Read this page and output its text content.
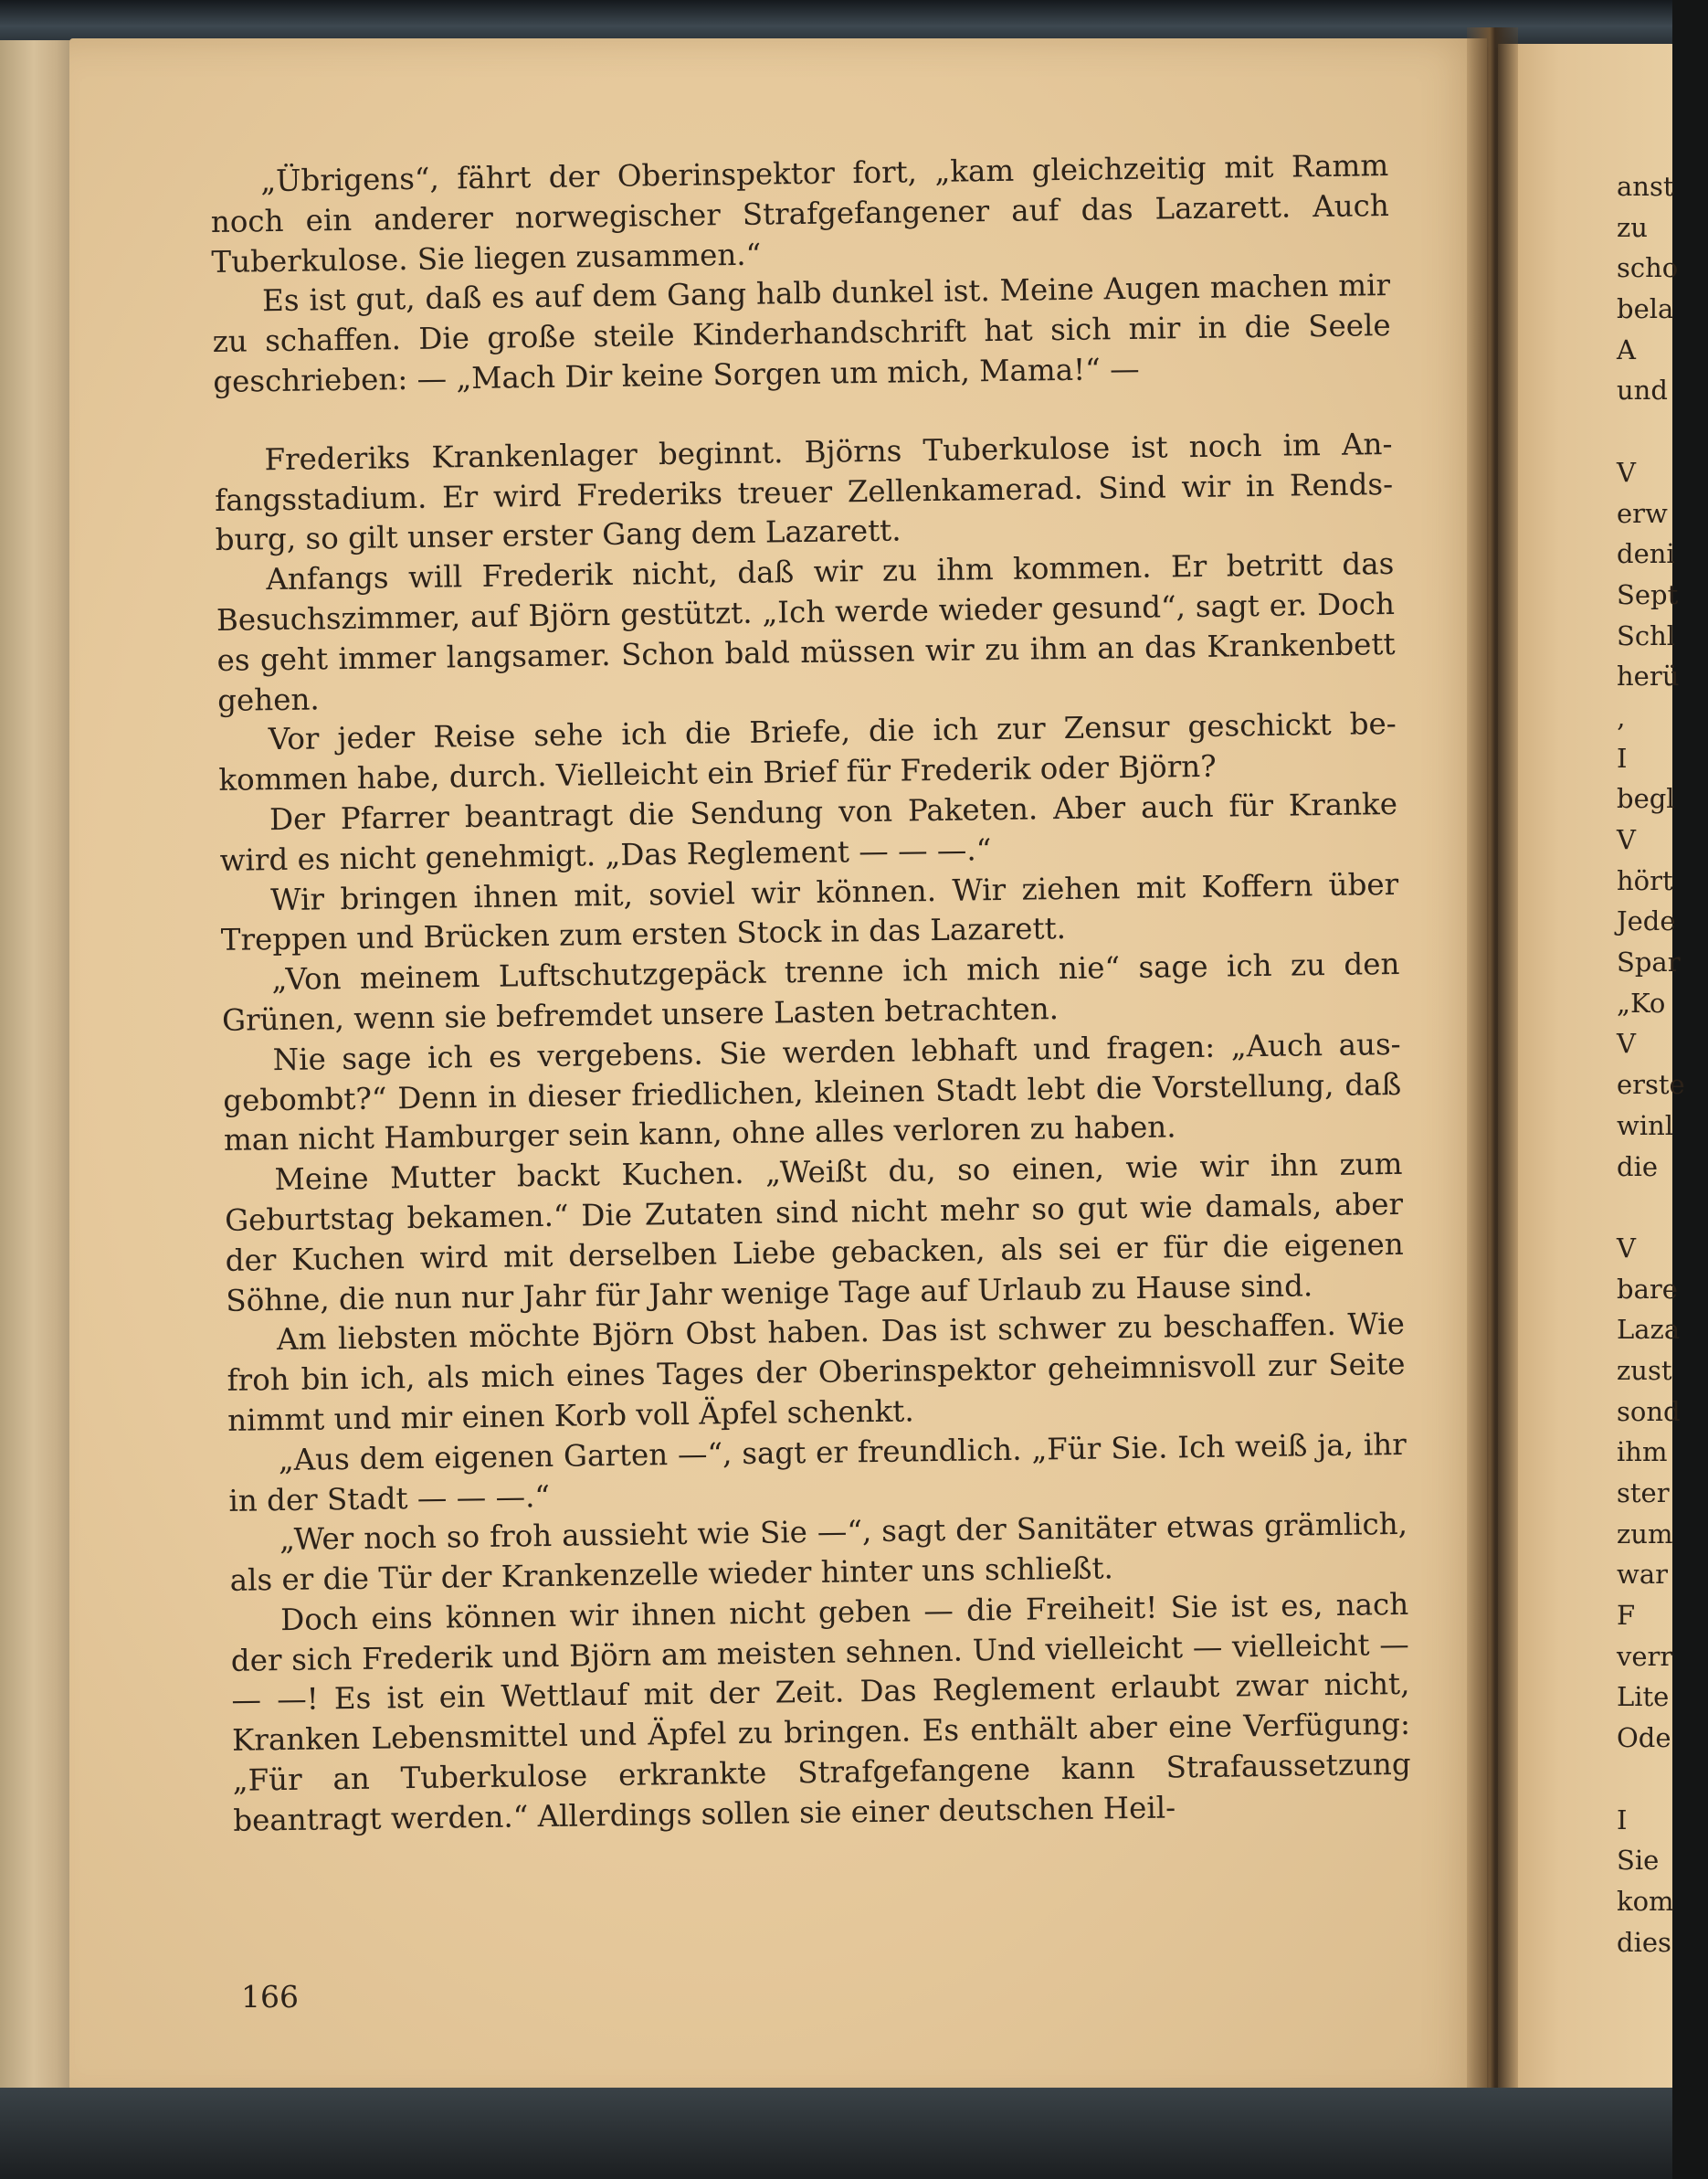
„Übrigens“, fährt der Oberinspektor fort, „kam gleichzeitig mit Ramm noch ein anderer norwegischer Strafgefangener auf das Lazarett. Auch Tuberkulose. Sie liegen zusammen.“

Es ist gut, daß es auf dem Gang halb dunkel ist. Meine Augen machen mir zu schaffen. Die große steile Kinderhandschrift hat sich mir in die Seele geschrieben: — „Mach Dir keine Sorgen um mich, Mama!“ —

Frederiks Krankenlager beginnt. Björns Tuberkulose ist noch im Anfangsstadium. Er wird Frederiks treuer Zellenkamerad. Sind wir in Rendsburg, so gilt unser erster Gang dem Lazarett.

Anfangs will Frederik nicht, daß wir zu ihm kommen. Er betritt das Besuchszimmer, auf Björn gestützt. „Ich werde wieder gesund“, sagt er. Doch es geht immer langsamer. Schon bald müssen wir zu ihm an das Krankenbett gehen.

Vor jeder Reise sehe ich die Briefe, die ich zur Zensur geschickt bekommen habe, durch. Vielleicht ein Brief für Frederik oder Björn?

Der Pfarrer beantragt die Sendung von Paketen. Aber auch für Kranke wird es nicht genehmigt. „Das Reglement — — —.“

Wir bringen ihnen mit, soviel wir können. Wir ziehen mit Koffern über Treppen und Brücken zum ersten Stock in das Lazarett.

„Von meinem Luftschutzgepäck trenne ich mich nie“ sage ich zu den Grünen, wenn sie befremdet unsere Lasten betrachten.

Nie sage ich es vergebens. Sie werden lebhaft und fragen: „Auch ausgebombt?“ Denn in dieser friedlichen, kleinen Stadt lebt die Vorstellung, daß man nicht Hamburger sein kann, ohne alles verloren zu haben.

Meine Mutter backt Kuchen. „Weißt du, so einen, wie wir ihn zum Geburtstag bekamen.“ Die Zutaten sind nicht mehr so gut wie damals, aber der Kuchen wird mit derselben Liebe gebacken, als sei er für die eigenen Söhne, die nun nur Jahr für Jahr wenige Tage auf Urlaub zu Hause sind.

Am liebsten möchte Björn Obst haben. Das ist schwer zu beschaffen. Wie froh bin ich, als mich eines Tages der Oberinspektor geheimnisvoll zur Seite nimmt und mir einen Korb voll Äpfel schenkt.

„Aus dem eigenen Garten —“, sagt er freundlich. „Für Sie. Ich weiß ja, ihr in der Stadt — — —.“

„Wer noch so froh aussieht wie Sie —“, sagt der Sanitäter etwas grämlich, als er die Tür der Krankenzelle wieder hinter uns schließt.

Doch eins können wir ihnen nicht geben — die Freiheit! Sie ist es, nach der sich Frederik und Björn am meisten sehnen. Und vielleicht — vielleicht — — —! Es ist ein Wettlauf mit der Zeit. Das Reglement erlaubt zwar nicht, Kranken Lebensmittel und Äpfel zu bringen. Es enthält aber eine Verfügung: „Für an Tuberkulose erkrankte Strafgefangene kann Strafaussetzung beantragt werden.“ Allerdings sollen sie einer deutschen Heil-

166
anst
zu
scho
bela
A
und
V
erw
deni
Sept
Schl
herü
‚
I
begl
V
hört
Jede
Spar
„Ko
V
erste
winl
die
V
bare
Laza
zust
sond
ihm
ster
zum
war
F
verr
Lite
Ode
I
Sie
kom
dies
